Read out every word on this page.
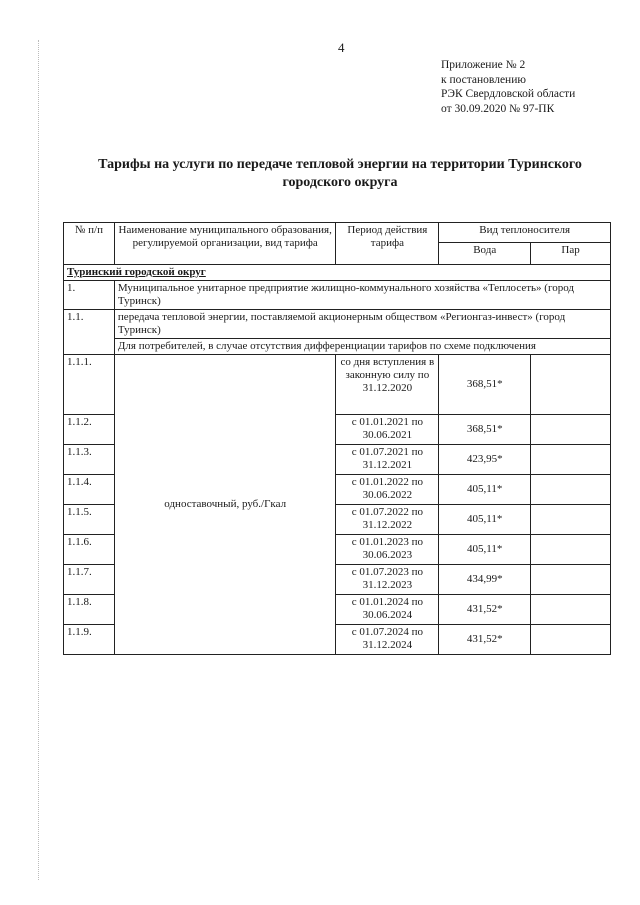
4
Приложение № 2
к постановлению
РЭК Свердловской области
от 30.09.2020 № 97-ПК
Тарифы на услуги по передаче тепловой энергии на территории Туринского
городского округа
№ п/п	Наименование муниципального образования, регулируемой организации, вид тарифа	Период действия тарифа	Вид теплоносителя	
			Вода	Пар
Туринский городской округ				
1.	Муниципальное унитарное предприятие жилищно-коммунального хозяйства «Теплосеть» (город Туринск)			
1.1.	передача тепловой энергии, поставляемой акционерным обществом «Регионгаз-инвест» (город Туринск)			
	Для потребителей, в случае отсутствия дифференциации тарифов по схеме подключения			
1.1.1.	одноставочный, руб./Гкал	со дня вступления в законную силу по 31.12.2020	368,51*	
1.1.2.		с 01.01.2021 по 30.06.2021	368,51*	
1.1.3.		с 01.07.2021 по 31.12.2021	423,95*	
1.1.4.		с 01.01.2022 по 30.06.2022	405,11*	
1.1.5.		с 01.07.2022 по 31.12.2022	405,11*	
1.1.6.		с 01.01.2023 по 30.06.2023	405,11*	
1.1.7.		с 01.07.2023 по 31.12.2023	434,99*	
1.1.8.		с 01.01.2024 по 30.06.2024	431,52*	
1.1.9.		с 01.07.2024 по 31.12.2024	431,52*	
